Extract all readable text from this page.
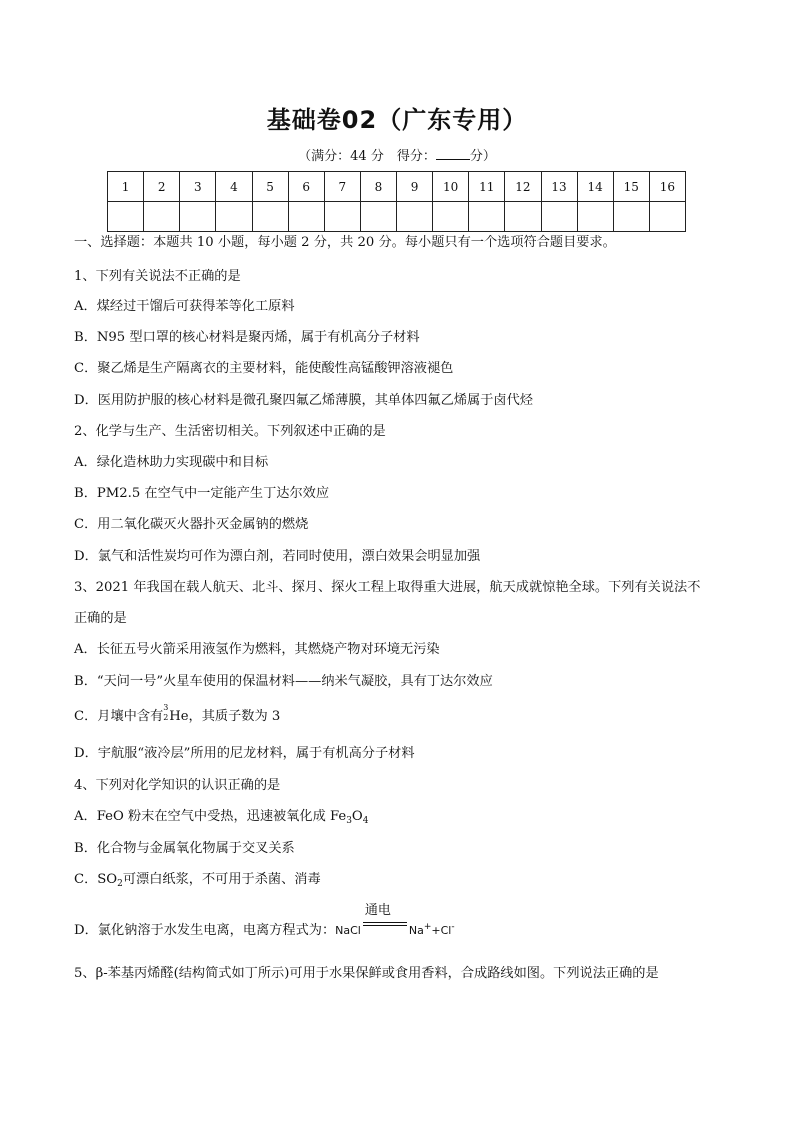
基础卷02（广东专用）
（满分：44 分　得分：	分）
1	2	3	4	5	6	7	8	9	10	11	12	13	14	15	16

一、选择题：本题共 10 小题，每小题 2 分，共 20 分。每小题只有一个选项符合题目要求。
1、下列有关说法不正确的是
A．煤经过干馏后可获得苯等化工原料
B．N95 型口罩的核心材料是聚丙烯，属于有机高分子材料
C．聚乙烯是生产隔离衣的主要材料，能使酸性高锰酸钾溶液褪色
D．医用防护服的核心材料是微孔聚四氟乙烯薄膜，其单体四氟乙烯属于卤代烃
2、化学与生产、生活密切相关。下列叙述中正确的是
A．绿化造林助力实现碳中和目标
B．PM2.5 在空气中一定能产生丁达尔效应
C．用二氧化碳灭火器扑灭金属钠的燃烧
D．氯气和活性炭均可作为漂白剂，若同时使用，漂白效果会明显加强
3、2021 年我国在载人航天、北斗、探月、探火工程上取得重大进展，航天成就惊艳全球。下列有关说法不
正确的是
A．长征五号火箭采用液氢作为燃料，其燃烧产物对环境无污染
B．“天问一号”火星车使用的保温材料——纳米气凝胶，具有丁达尔效应
C．月壤中含有
3
2 He，其质子数为 3
D．宇航服“液冷层”所用的尼龙材料，属于有机高分子材料
4、下列对化学知识的认识正确的是
A．FeO 粉末在空气中受热，迅速被氧化成 $Fe_3O_4$
B．化合物与金属氧化物属于交叉关系
C．$SO_2$可漂白纸浆，不可用于杀菌、消毒
D．氯化钠溶于水发生电离，电离方程式为：NaCl
通电
Na++Cl-
5、β-苯基丙烯醛(结构简式如丁所示)可用于水果保鲜或食用香料，合成路线如图。下列说法正确的是
